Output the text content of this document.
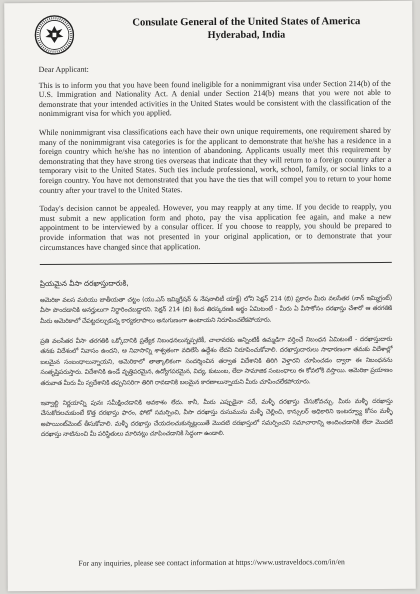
Consulate General of the United States of America
Hyderabad, India

Dear Applicant:

This is to inform you that you have been found ineligible for a nonimmigrant visa under Section 214(b) of the U.S. Immigration and Nationality Act. A denial under Section 214(b) means that you were not able to demonstrate that your intended activities in the United States would be consistent with the classification of the nonimmigrant visa for which you applied.

While nonimmigrant visa classifications each have their own unique requirements, one requirement shared by many of the nonimmigrant visa categories is for the applicant to demonstrate that he/she has a residence in a foreign country which he/she has no intention of abandoning. Applicants usually meet this requirement by demonstrating that they have strong ties overseas that indicate that they will return to a foreign country after a temporary visit to the United States. Such ties include professional, work, school, family, or social links to a foreign country. You have not demonstrated that you have the ties that will compel you to return to your home country after your travel to the United States.

Today's decision cannot be appealed. However, you may reapply at any time. If you decide to reapply, you must submit a new application form and photo, pay the visa application fee again, and make a new appointment to be interviewed by a consular officer. If you choose to reapply, you should be prepared to provide information that was not presented in your original application, or to demonstrate that your circumstances have changed since that application.

ప్రియమైన వీసా దరఖాస్తుదారుకి,

అమెరికా వలస మరియు జాతీయతా చట్టం (యు.ఎస్ ఇమ్మిగ్రేషన్ & నేషనాలిటీ యాక్ట్) లోని సెక్షన్ 214 (బి) ప్రకారం మీరు వలసేతర (నాన్ ఇమ్మిగ్రంట్) వీసా పొందడానికి అనర్హులుగా నిర్ధారించబడ్డారని. సెక్షన్ 214 (బి) కింద తిరస్కరణకి అర్థం ఏమిటంటే - మీరు ఏ వీసాకోసం దరఖాస్తు చేశారో ఆ తరగతికి మీరు అమెరికాలో చేపట్టదల్చుకున్న కార్యకలాపాలు అనుగుణంగా ఉంటాయని నిరూపించలేకపోయారు.

ప్రతి వలసేతర వీసా తరగతికి ఒక్కోదానికి ప్రత్యేక నిబంధనలున్నప్పటికీ, చాలావరకు అన్నింటికీ ఉమ్మడిగా వర్తించే నిబంధన ఏమిటంటే - దరఖాస్తుదారు తనకు విదేశంలో నివాసం ఉందని, ఆ నివాసాన్ని శాశ్వతంగా వదిలేసే ఉద్దేశం లేదని నిరూపించుకోవాలి. దరఖాస్తుదారులు సాధారణంగా తమకు విదేశాల్లో బలమైన సంబంధాలున్నాయని, అమెరికాలో తాత్కాలికంగా సందర్శించిన తర్వాత విదేశానికి తిరిగి వెళ్తారని చూపించడం ద్వారా ఈ నిబంధనను సంతృప్తిపరుస్తారు. విదేశానికి ఉండే వృత్తిపరమైన, ఉద్యోగపరమైన, విద్య, కుటుంబ, లేదా సామాజిక సంబంధాలు ఈ కోవలోకి వస్తాయి. అమెరికా ప్రయాణం తరువాత మీరు మీ స్వదేశానికి తప్పనిసరిగా తిరిగి రావడానికి బలమైన కారణాలున్నాయని మీరు చూపించలేకపోయారు.

ఇవ్వాల్టి నిర్ణయాన్ని పునః సమీక్షించడానికి అవకాశం లేదు. కానీ, మీరు ఎప్పుడైనా సరే, మళ్ళీ దరఖాస్తు చేసుకోవచ్చు. మీరు మళ్ళీ దరఖాస్తు చేసుకోదలచుకుంటే కొత్త దరఖాస్తు ఫారం, ఫోటో సమర్పించి, వీసా దరఖాస్తు రుసుమును మళ్ళీ చెల్లించి, కాన్సులర్ అధికారిని ఇంటర్వ్యూ కోసం మళ్ళీ అపాయింట్‌మెంట్ తీసుకోవాలి. మళ్ళీ దరఖాస్తు చేయదలచుకున్నట్లయితే మొదటి దరఖాస్తులో సమర్పించని సమాచారాన్ని అందించడానికి లేదా మొదటి దరఖాస్తు నాటినుంచి మీ పరిస్థితులు మారినట్లు చూపించడానికి సిద్ధంగా ఉండాలి.

For any inquiries, please see contact information at https://www.ustraveldocs.com/in/en
